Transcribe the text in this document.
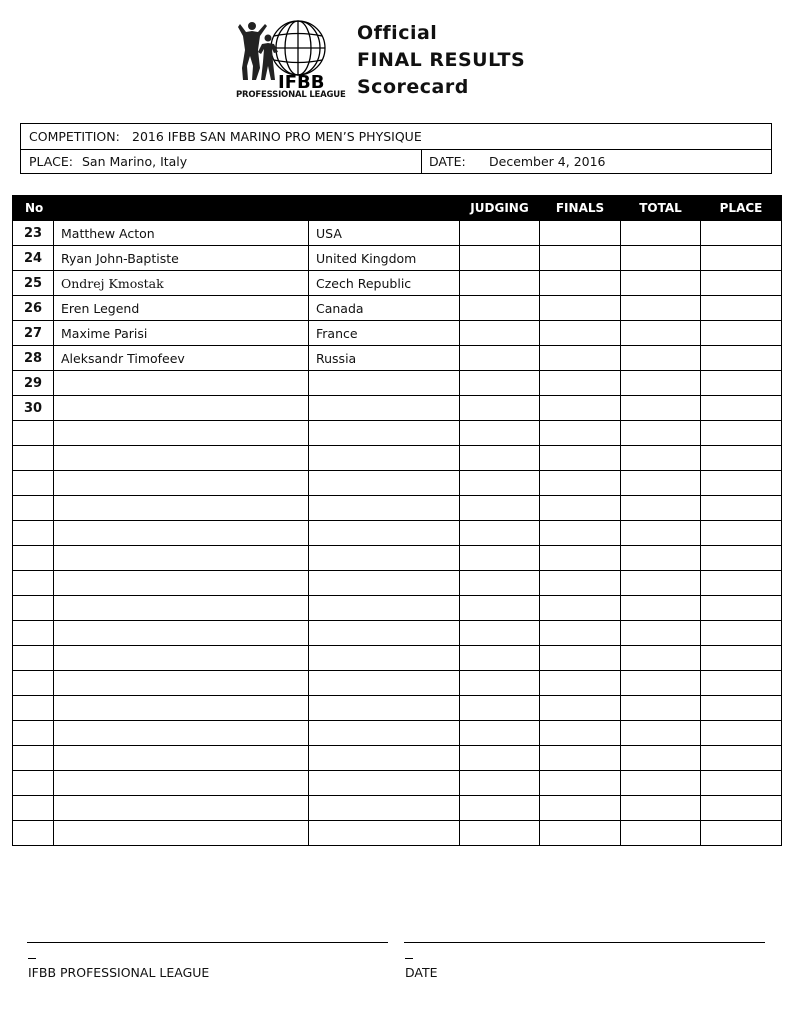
IFBB
PROFESSIONAL LEAGUE
Official
FINAL RESULTS
Scorecard
COMPETITION: 2016 IFBB SAN MARINO PRO MEN’S PHYSIQUE
PLACE: San Marino, Italy	DATE: December 4, 2016
No			JUDGING	FINALS	TOTAL	PLACE
23	Matthew Acton	USA				
24	Ryan John-Baptiste	United Kingdom				
25	Ondrej Kmostak	Czech Republic				
26	Eren Legend	Canada				
27	Maxime Parisi	France				
28	Aleksandr Timofeev	Russia				
29						
30						

IFBB PROFESSIONAL LEAGUE	DATE
